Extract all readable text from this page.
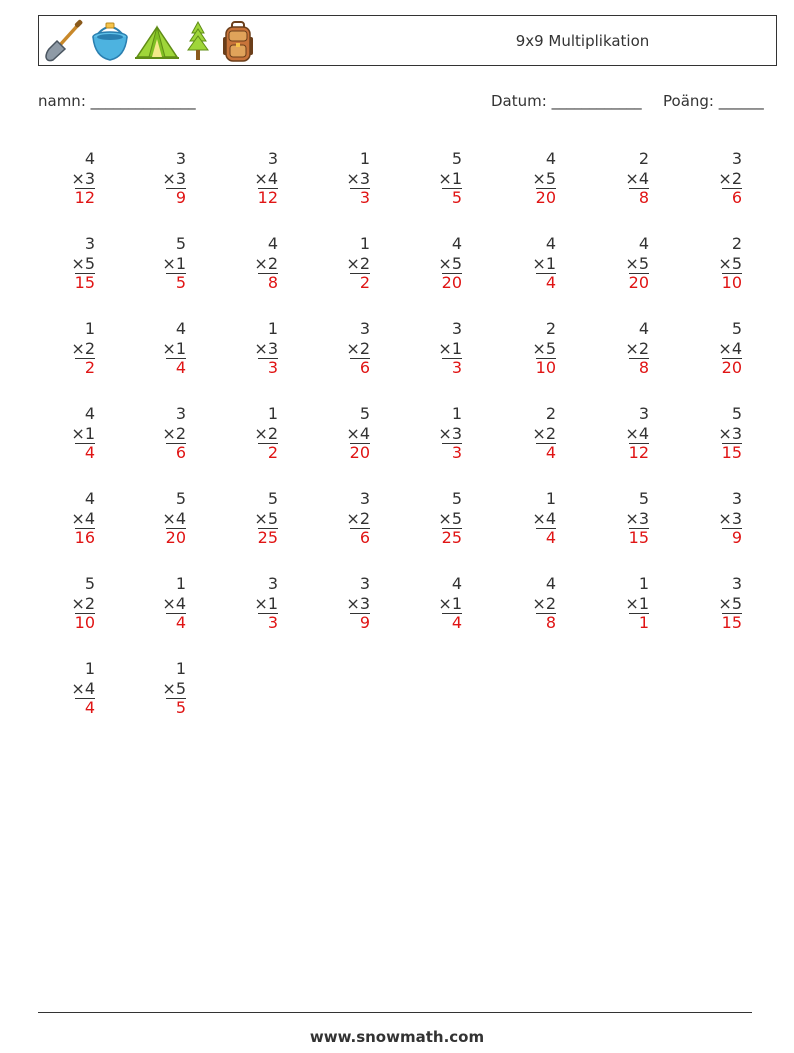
9x9 Multiplikation
namn: ______________	Datum: ____________ Poäng: ______
4
×3
12
3
×3
9
3
×4
12
1
×3
3
5
×1
5
4
×5
20
2
×4
8
3
×2
6
3
×5
15
5
×1
5
4
×2
8
1
×2
2
4
×5
20
4
×1
4
4
×5
20
2
×5
10
1
×2
2
4
×1
4
1
×3
3
3
×2
6
3
×1
3
2
×5
10
4
×2
8
5
×4
20
4
×1
4
3
×2
6
1
×2
2
5
×4
20
1
×3
3
2
×2
4
3
×4
12
5
×3
15
4
×4
16
5
×4
20
5
×5
25
3
×2
6
5
×5
25
1
×4
4
5
×3
15
3
×3
9
5
×2
10
1
×4
4
3
×1
3
3
×3
9
4
×1
4
4
×2
8
1
×1
1
3
×5
15
1
×4
4
1
×5
5
www.snowmath.com
